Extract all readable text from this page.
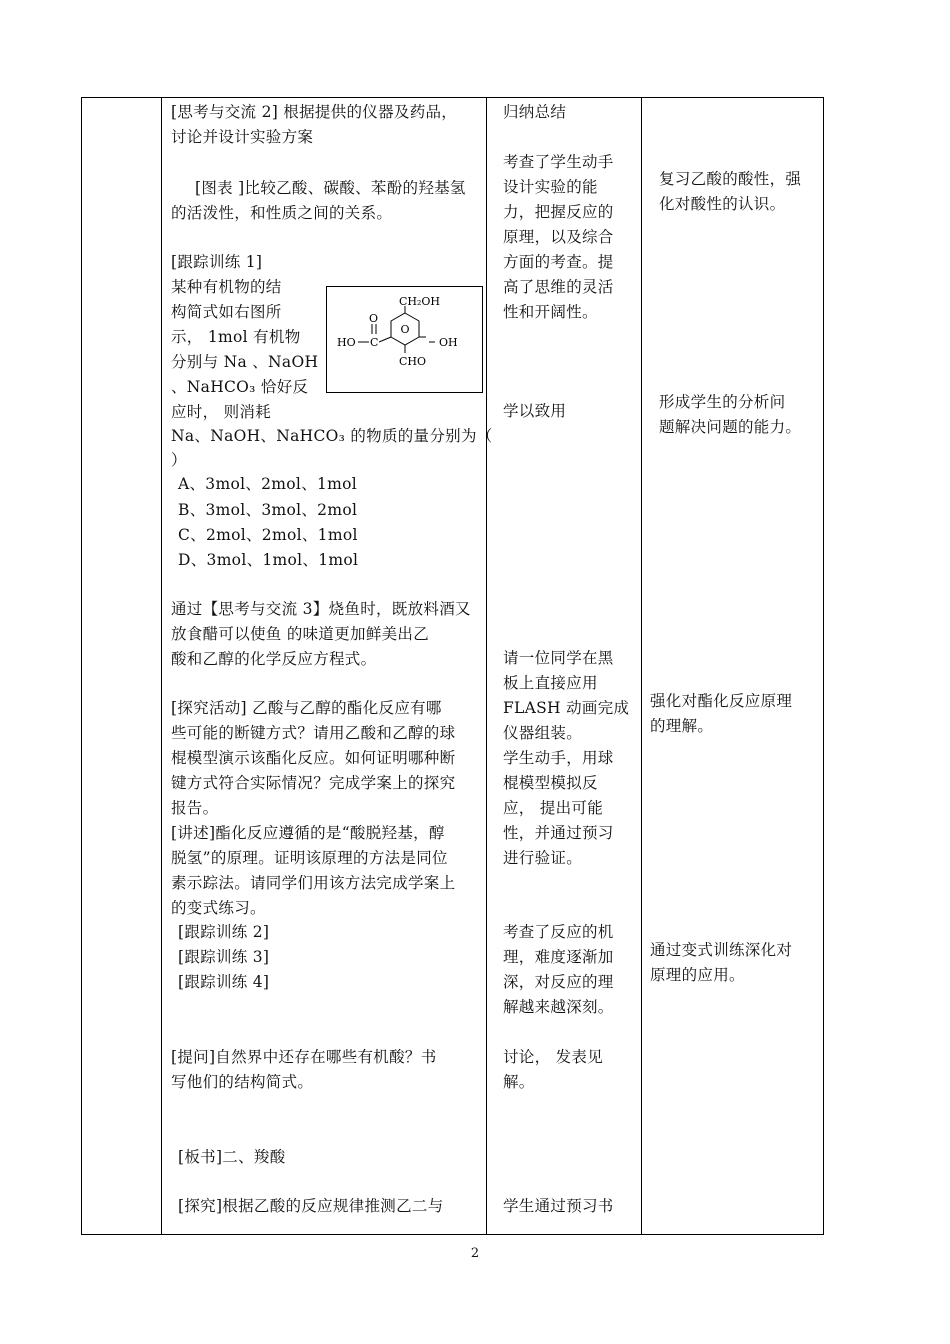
[思考与交流 2] 根据提供的仪器及药品，
讨论并设计实验方案
[图表 ]比较乙酸、碳酸、苯酚的羟基氢
的活泼性，和性质之间的关系。
[跟踪训练 1]
某种有机物的结
构简式如右图所
示， 1mol 有机物
分别与 Na 、NaOH
、NaHCO₃ 恰好反
应时， 则消耗
O
CH₂OH
CHO
OH
C
O
HO
Na、NaOH、NaHCO₃ 的物质的量分别为（
）
A、3mol、2mol、1mol
B、3mol、3mol、2mol
C、2mol、2mol、1mol
D、3mol、1mol、1mol
通过【思考与交流 3】烧鱼时，既放料酒又
放食醋可以使鱼 的味道更加鲜美出乙
酸和乙醇的化学反应方程式。
[探究活动] 乙酸与乙醇的酯化反应有哪
些可能的断键方式？请用乙酸和乙醇的球
棍模型演示该酯化反应。如何证明哪种断
键方式符合实际情况？完成学案上的探究
报告。
[讲述]酯化反应遵循的是“酸脱羟基，醇
脱氢”的原理。证明该原理的方法是同位
素示踪法。请同学们用该方法完成学案上
的变式练习。
[跟踪训练 2]
[跟踪训练 3]
[跟踪训练 4]
[提问]自然界中还存在哪些有机酸？书
写他们的结构简式。
[板书]二、羧酸
[探究]根据乙酸的反应规律推测乙二与
归纳总结
考查了学生动手
设计实验的能
力，把握反应的
原理，以及综合
方面的考查。提
高了思维的灵活
性和开阔性。
学以致用
请一位同学在黑
板上直接应用
FLASH 动画完成
仪器组装。
学生动手，用球
棍模型模拟反
应， 提出可能
性，并通过预习
进行验证。
考查了反应的机
理，难度逐渐加
深，对反应的理
解越来越深刻。
讨论， 发表见
解。
学生通过预习书
复习乙酸的酸性，强
化对酸性的认识。
形成学生的分析问
题解决问题的能力。
强化对酯化反应原理
的理解。
通过变式训练深化对
原理的应用。
2
